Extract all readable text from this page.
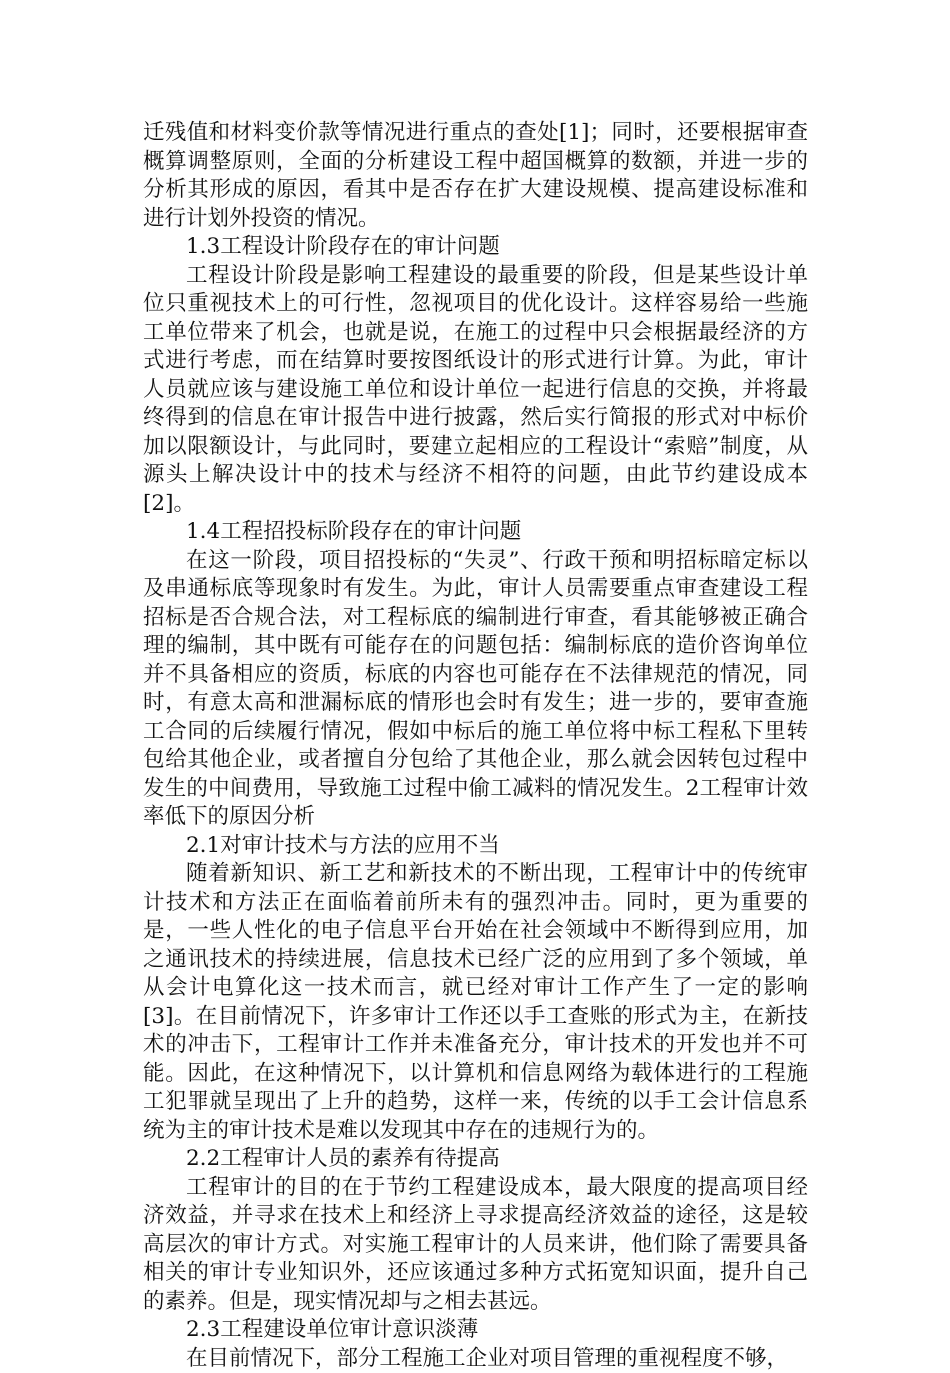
迁残值和材料变价款等情况进行重点的查处[1]；同时，还要根据审查概算调整原则，全面的分析建设工程中超国概算的数额，并进一步的分析其形成的原因，看其中是否存在扩大建设规模、提高建设标准和进行计划外投资的情况。

1.3工程设计阶段存在的审计问题

工程设计阶段是影响工程建设的最重要的阶段，但是某些设计单位只重视技术上的可行性，忽视项目的优化设计。这样容易给一些施工单位带来了机会，也就是说，在施工的过程中只会根据最经济的方式进行考虑，而在结算时要按图纸设计的形式进行计算。为此，审计人员就应该与建设施工单位和设计单位一起进行信息的交换，并将最终得到的信息在审计报告中进行披露，然后实行简报的形式对中标价加以限额设计，与此同时，要建立起相应的工程设计“索赔”制度，从源头上解决设计中的技术与经济不相符的问题，由此节约建设成本[2]。

1.4工程招投标阶段存在的审计问题

在这一阶段，项目招投标的“失灵”、行政干预和明招标暗定标以及串通标底等现象时有发生。为此，审计人员需要重点审查建设工程招标是否合规合法，对工程标底的编制进行审查，看其能够被正确合理的编制，其中既有可能存在的问题包括：编制标底的造价咨询单位并不具备相应的资质，标底的内容也可能存在不法律规范的情况，同时，有意太高和泄漏标底的情形也会时有发生；进一步的，要审查施工合同的后续履行情况，假如中标后的施工单位将中标工程私下里转包给其他企业，或者擅自分包给了其他企业，那么就会因转包过程中发生的中间费用，导致施工过程中偷工减料的情况发生。2工程审计效率低下的原因分析

2.1对审计技术与方法的应用不当

随着新知识、新工艺和新技术的不断出现，工程审计中的传统审计技术和方法正在面临着前所未有的强烈冲击。同时，更为重要的是，一些人性化的电子信息平台开始在社会领域中不断得到应用，加之通讯技术的持续进展，信息技术已经广泛的应用到了多个领域，单从会计电算化这一技术而言，就已经对审计工作产生了一定的影响[3]。在目前情况下，许多审计工作还以手工查账的形式为主，在新技术的冲击下，工程审计工作并未准备充分，审计技术的开发也并不可能。因此，在这种情况下，以计算机和信息网络为载体进行的工程施工犯罪就呈现出了上升的趋势，这样一来，传统的以手工会计信息系统为主的审计技术是难以发现其中存在的违规行为的。

2.2工程审计人员的素养有待提高

工程审计的目的在于节约工程建设成本，最大限度的提高项目经济效益，并寻求在技术上和经济上寻求提高经济效益的途径，这是较高层次的审计方式。对实施工程审计的人员来讲，他们除了需要具备相关的审计专业知识外，还应该通过多种方式拓宽知识面，提升自己的素养。但是，现实情况却与之相去甚远。

2.3工程建设单位审计意识淡薄

在目前情况下，部分工程施工企业对项目管理的重视程度不够，
